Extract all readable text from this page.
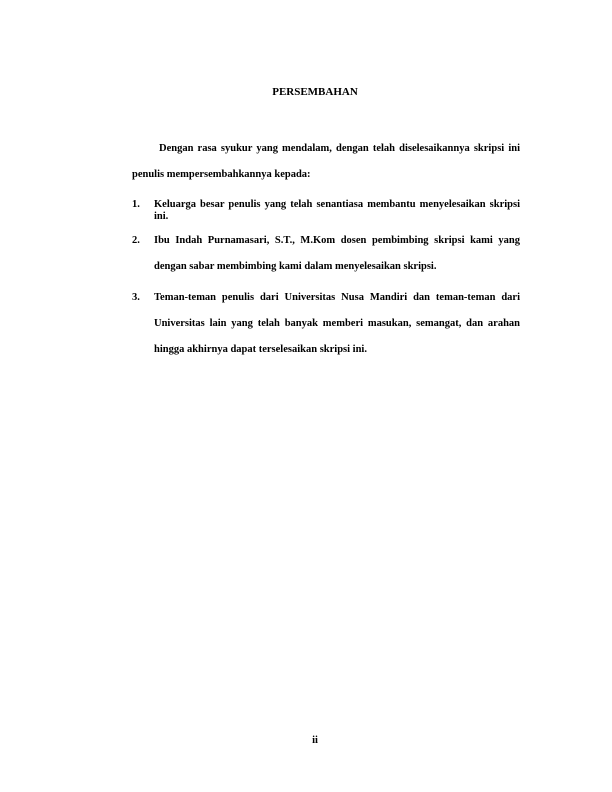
PERSEMBAHAN
Dengan rasa syukur yang mendalam, dengan telah diselesaikannya skripsi ini
penulis mempersembahkannya kepada:
1. Keluarga besar penulis yang telah senantiasa membantu menyelesaikan skripsi ini.
2. Ibu Indah Purnamasari, S.T., M.Kom dosen pembimbing skripsi kami yang
dengan sabar membimbing kami dalam menyelesaikan skripsi.
3. Teman-teman penulis dari Universitas Nusa Mandiri dan teman-teman dari
Universitas lain yang telah banyak memberi masukan, semangat, dan arahan
hingga akhirnya dapat terselesaikan skripsi ini.
ii
